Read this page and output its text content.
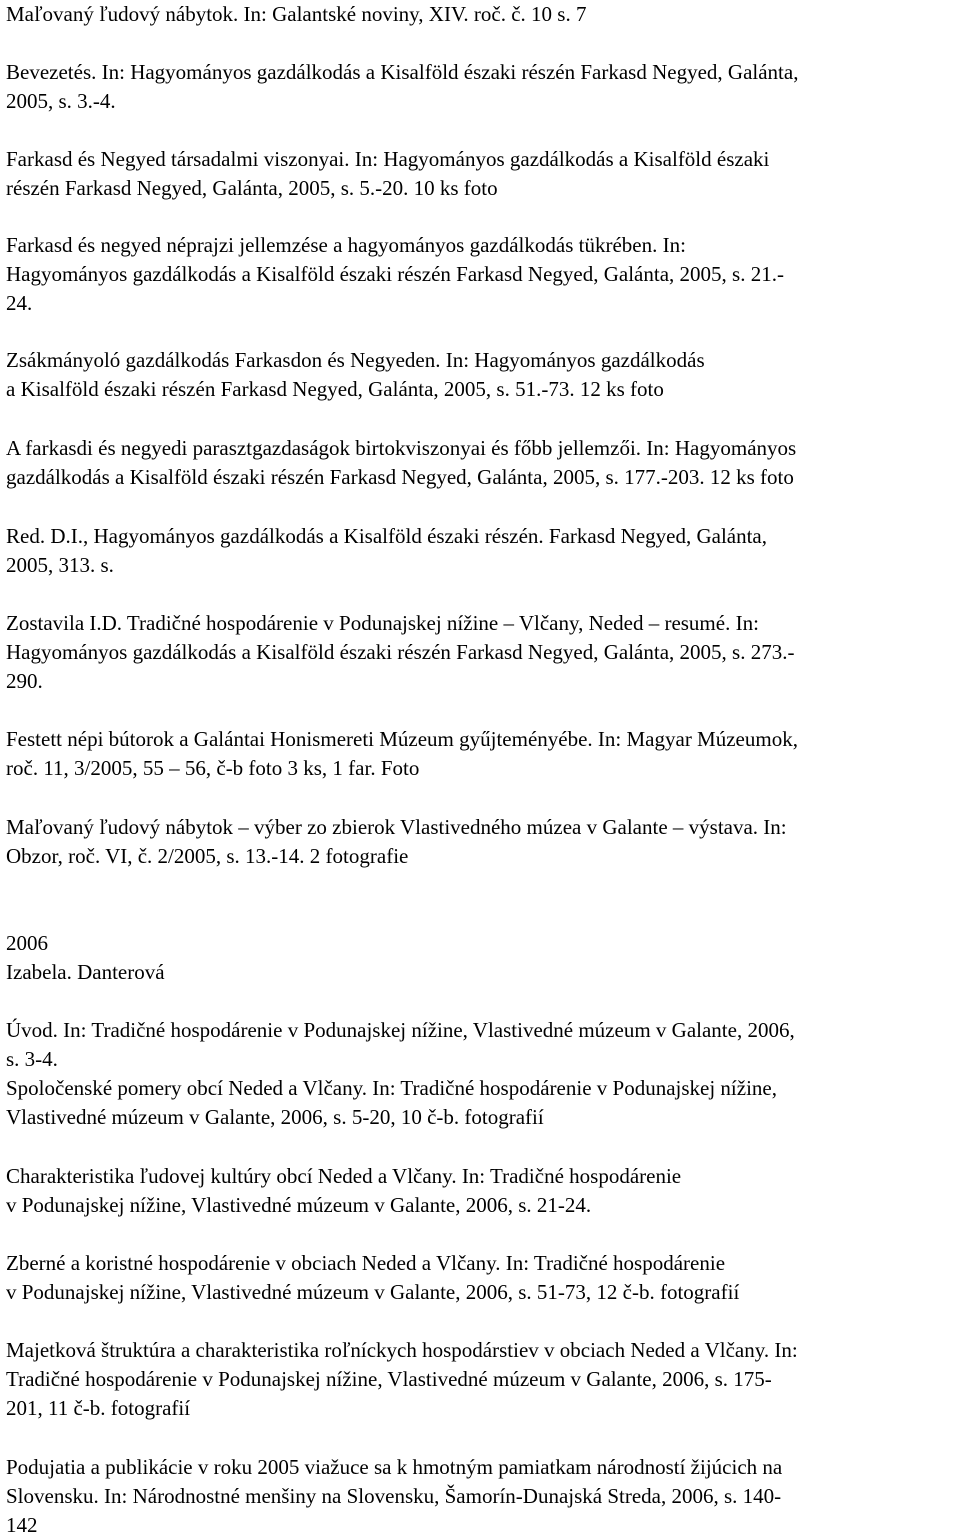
Maľovaný ľudový nábytok. In: Galantské noviny, XIV. roč. č. 10 s. 7
Bevezetés. In: Hagyományos gazdálkodás a Kisalföld északi részén Farkasd Negyed, Galánta,
2005, s. 3.-4.
Farkasd és Negyed társadalmi viszonyai. In: Hagyományos gazdálkodás a Kisalföld északi
részén Farkasd Negyed, Galánta, 2005, s. 5.-20. 10 ks foto
Farkasd és negyed néprajzi jellemzése a hagyományos gazdálkodás tükrében. In:
Hagyományos gazdálkodás a Kisalföld északi részén Farkasd Negyed, Galánta, 2005, s. 21.-
24.
Zsákmányoló gazdálkodás Farkasdon és Negyeden. In: Hagyományos gazdálkodás
a Kisalföld északi részén Farkasd Negyed, Galánta, 2005, s. 51.-73. 12 ks foto
A farkasdi és negyedi parasztgazdaságok birtokviszonyai és főbb jellemzői. In: Hagyományos
gazdálkodás a Kisalföld északi részén Farkasd Negyed, Galánta, 2005, s. 177.-203. 12 ks foto
Red. D.I., Hagyományos gazdálkodás a Kisalföld északi részén. Farkasd Negyed, Galánta,
2005, 313. s.
Zostavila I.D. Tradičné hospodárenie v Podunajskej nížine – Vlčany, Neded – resumé. In:
Hagyományos gazdálkodás a Kisalföld északi részén Farkasd Negyed, Galánta, 2005, s. 273.-
290.
Festett népi bútorok a Galántai Honismereti Múzeum gyűjteményébe. In: Magyar Múzeumok,
roč. 11, 3/2005, 55 – 56, č-b foto 3 ks, 1 far. Foto
Maľovaný ľudový nábytok – výber zo zbierok Vlastivedného múzea v Galante – výstava. In:
Obzor, roč. VI, č. 2/2005, s. 13.-14. 2 fotografie
2006
Izabela. Danterová
Úvod. In: Tradičné hospodárenie v Podunajskej nížine, Vlastivedné múzeum v Galante, 2006,
s. 3-4.
Spoločenské pomery obcí Neded a Vlčany. In: Tradičné hospodárenie v Podunajskej nížine,
Vlastivedné múzeum v Galante, 2006, s. 5-20, 10 č-b. fotografií
Charakteristika ľudovej kultúry obcí Neded a Vlčany. In: Tradičné hospodárenie
v Podunajskej nížine, Vlastivedné múzeum v Galante, 2006, s. 21-24.
Zberné a koristné hospodárenie v obciach Neded a Vlčany. In: Tradičné hospodárenie
v Podunajskej nížine, Vlastivedné múzeum v Galante, 2006, s. 51-73, 12 č-b. fotografií
Majetková štruktúra a charakteristika roľníckych hospodárstiev v obciach Neded a Vlčany. In:
Tradičné hospodárenie v Podunajskej nížine, Vlastivedné múzeum v Galante, 2006, s. 175-
201, 11 č-b. fotografií
Podujatia a publikácie v roku 2005 viažuce sa k hmotným pamiatkam národností žijúcich na
Slovensku. In: Národnostné menšiny na Slovensku, Šamorín-Dunajská Streda, 2006, s. 140-
142
